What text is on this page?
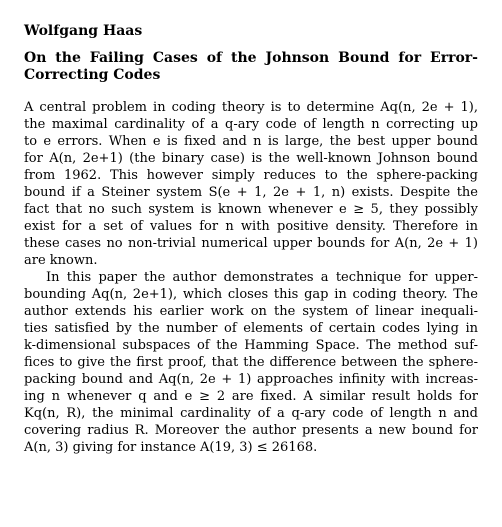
Wolfgang Haas
On the Failing Cases of the Johnson Bound for Error-
Correcting Codes
A central problem in coding theory is to determine Aq(n, 2e + 1),
the maximal cardinality of a q-ary code of length n correcting up
to e errors. When e is fixed and n is large, the best upper bound
for A(n, 2e+1) (the binary case) is the well-known Johnson bound
from 1962. This however simply reduces to the sphere-packing
bound if a Steiner system S(e + 1, 2e + 1, n) exists. Despite the
fact that no such system is known whenever e ≥ 5, they possibly
exist for a set of values for n with positive density. Therefore in
these cases no non-trivial numerical upper bounds for A(n, 2e + 1)
are known.
In this paper the author demonstrates a technique for upper-
bounding Aq(n, 2e+1), which closes this gap in coding theory. The
author extends his earlier work on the system of linear inequali-
ties satisfied by the number of elements of certain codes lying in
k-dimensional subspaces of the Hamming Space. The method suf-
fices to give the first proof, that the difference between the sphere-
packing bound and Aq(n, 2e + 1) approaches infinity with increas-
ing n whenever q and e ≥ 2 are fixed. A similar result holds for
Kq(n, R), the minimal cardinality of a q-ary code of length n and
covering radius R. Moreover the author presents a new bound for
A(n, 3) giving for instance A(19, 3) ≤ 26168.
